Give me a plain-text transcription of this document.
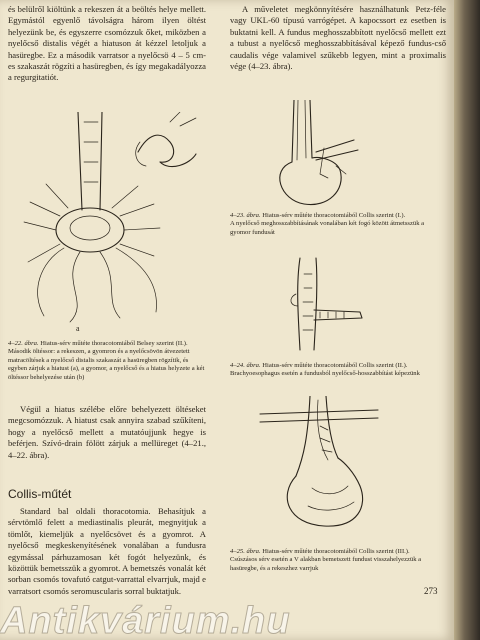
és belülről kiöltünk a rekeszen át a beöltés helye mellett. Egymástól egyenlő távolságra három ilyen öltést helyezünk be, és egyszerre csomózzuk őket, miközben a nyelőcső distalis végét a hiatuson át kézzel letoljuk a hasüregbe. Ez a második varratsor a nyelőcsö 4 – 5 cm-es szakaszát rögzíti a hasüregben, és így megakadályozza a regurgitatiót.
a
4–22. ábra. Hiatus-sérv műtéte thoracotomiából Belsey szerint (II.).
Második öltéssor: a rekeszen, a gyomron és a nyelőcsövön átvezetett matracöltések a nyelőcső distalis szakaszát a hasüregben rögzítik, és egyben zárjuk a hiatust (a), a gyomor, a nyelőcső és a hiatus helyzete a két öltéssor behelyezése után (b)
Végül a hiatus szélébe előre behelyezett öltéseket megcsomózzuk. A hiatust csak annyira szabad szűkíteni, hogy a nyelőcső mellett a mutatóujjunk hegye is beférjen. Szívó-drain fölött zárjuk a mellüreget (4–21., 4–22. ábra).
Collis-műtét
Standard bal oldali thoracotomia. Behasítjuk a sérvtömlő felett a mediastinalis pleurát, megnyitjuk a tömlőt, kiemeljük a nyelőcsövet és a gyomrot. A nyelőcső megkeskenyítésének vonalában a fundusra egymással párhuzamosan két fogót helyezünk, és közöttük bemetsszük a gyomrot. A bemetszés vonalát két sorban csomós tovafutó catgut-varrattal elvarrjuk, majd e varratsort csomós seromuscularis sorral buktatjuk.
A műveletet megkönnyítésére használhatunk Petz-féle vagy UKL-60 típusú varrógépet. A kapocssort ez esetben is buktatni kell. A fundus meghosszabbított nyelőcső mellett ezt a tubust a nyelőcső meghosszabbításával képező fundus-cső caudalis vége valamivel szűkebb legyen, mint a proximalis vége (4–23. ábra).
4–23. ábra. Hiatus-sérv műtéte thoracotomiából Collis szerint (I.).
A nyelőcső meghosszabbításának vonalában két fogó között átmetsszük a gyomor fundusát
4–24. ábra. Hiatus-sérv műtéte thoracotomiából Collis szerint (II.).
Brachyoesophagus esetén a fundusból nyelőcső-hosszabbítást képezünk
4–25. ábra. Hiatus-sérv műtéte thoracotomiából Collis szerint (III.).
Csúszásos sérv esetén a V alakban bemetszett fundust visszahelyezzük a hasüregbe, és a rekeszhez varrjuk
273
Antikvárium.hu
